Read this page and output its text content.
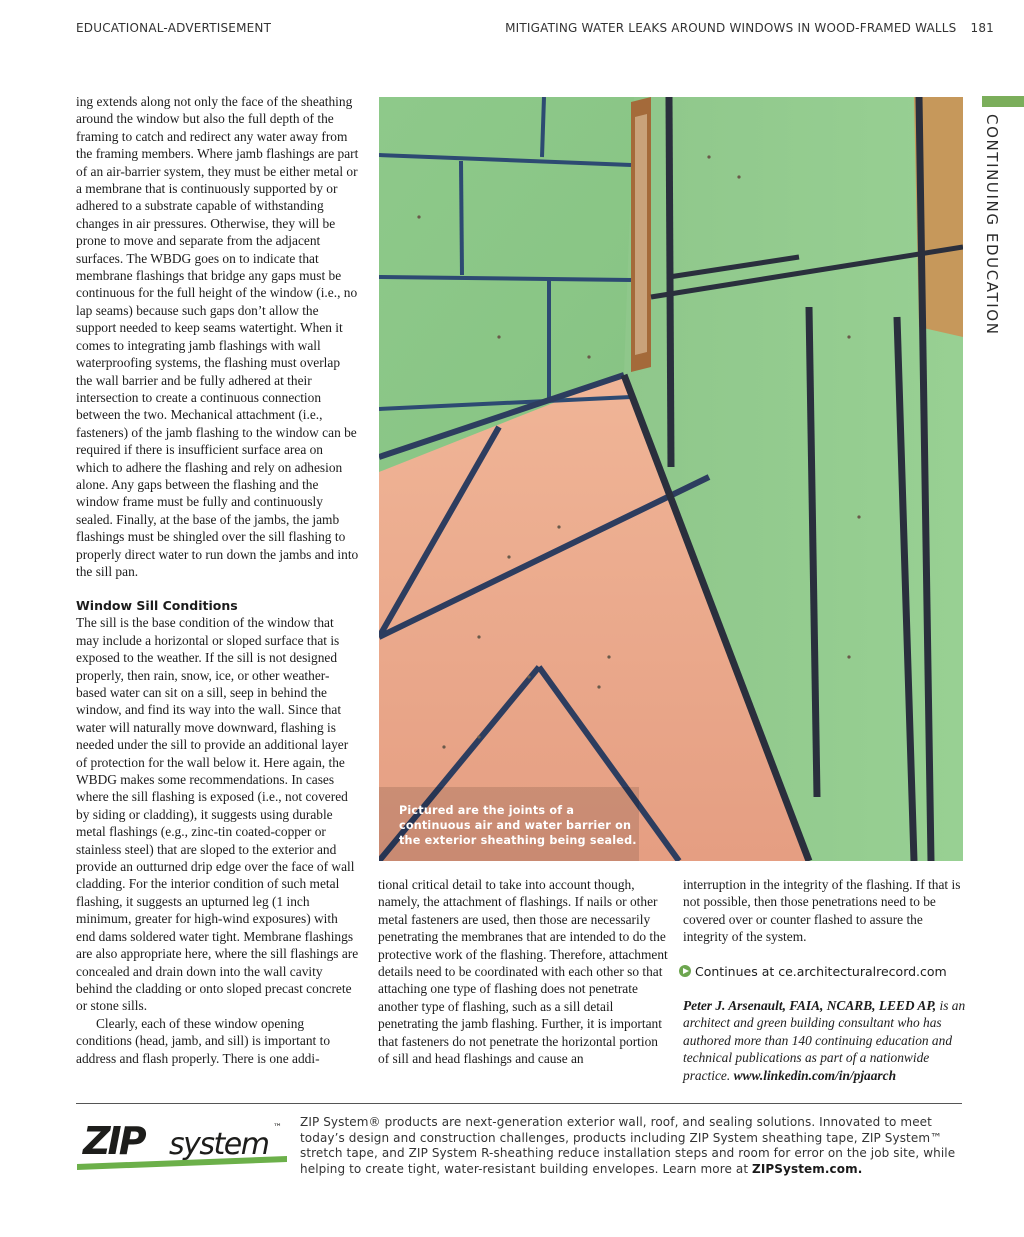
EDUCATIONAL-ADVERTISEMENT	MITIGATING WATER LEAKS AROUND WINDOWS IN WOOD-FRAMED WALLS 181
CONTINUING EDUCATION

ing extends along not only the face of the sheathing around the window but also the full depth of the framing to catch and redirect any water away from the framing members. Where jamb flashings are part of an air-barrier system, they must be either metal or a membrane that is continuously supported by or adhered to a substrate capable of withstanding changes in air pressures. Otherwise, they will be prone to move and separate from the adjacent surfaces. The WBDG goes on to indicate that membrane flashings that bridge any gaps must be continuous for the full height of the window (i.e., no lap seams) because such gaps don’t allow the support needed to keep seams watertight. When it comes to integrating jamb flashings with wall waterproofing systems, the flashing must overlap the wall barrier and be fully adhered at their intersection to create a continuous connection between the two. Mechanical attachment (i.e., fasteners) of the jamb flashing to the window can be required if there is insufficient surface area on which to adhere the flashing and rely on adhesion alone. Any gaps between the flashing and the window frame must be fully and continuously sealed. Finally, at the base of the jambs, the jamb flashings must be shingled over the sill flashing to properly direct water to run down the jambs and into the sill pan.

Window Sill Conditions

The sill is the base condition of the window that may include a horizontal or sloped surface that is exposed to the weather. If the sill is not designed properly, then rain, snow, ice, or other weather-based water can sit on a sill, seep in behind the window, and find its way into the wall. Since that water will naturally move downward, flashing is needed under the sill to provide an additional layer of protection for the wall below it. Here again, the WBDG makes some recommendations. In cases where the sill flashing is exposed (i.e., not covered by siding or cladding), it suggests using durable metal flashings (e.g., zinc-tin coated-copper or stainless steel) that are sloped to the exterior and provide an outturned drip edge over the face of wall cladding. For the interior condition of such metal flashing, it suggests an upturned leg (1 inch minimum, greater for high-wind exposures) with end dams soldered water tight. Membrane flashings are also appropriate here, where the sill flashings are concealed and drain down into the wall cavity behind the cladding or onto sloped precast concrete or stone sills.

Clearly, each of these window opening conditions (head, jamb, and sill) is important to address and flash properly. There is one addi-

Pictured are the joints of a continuous air and water barrier on the exterior sheathing being sealed.

tional critical detail to take into account though, namely, the attachment of flashings. If nails or other metal fasteners are used, then those are necessarily penetrating the membranes that are intended to do the protective work of the flashing. Therefore, attachment details need to be coordinated with each other so that attaching one type of flashing does not penetrate another type of flashing, such as a sill detail penetrating the jamb flashing. Further, it is important that fasteners do not penetrate the horizontal portion of sill and head flashings and cause an

interruption in the integrity of the flashing. If that is not possible, then those penetrations need to be covered over or counter flashed to assure the integrity of the system.

Continues at ce.architecturalrecord.com

Peter J. Arsenault, FAIA, NCARB, LEED AP, is an architect and green building consultant who has authored more than 140 continuing education and technical publications as part of a nationwide practice. www.linkedin.com/in/pjaarch

ZIP system ™ ZIP System® products are next-generation exterior wall, roof, and sealing solutions. Innovated to meet today’s design and construction challenges, products including ZIP System sheathing tape, ZIP System™ stretch tape, and ZIP System R-sheathing reduce installation steps and room for error on the job site, while helping to create tight, water-resistant building envelopes. Learn more at ZIPSystem.com.
